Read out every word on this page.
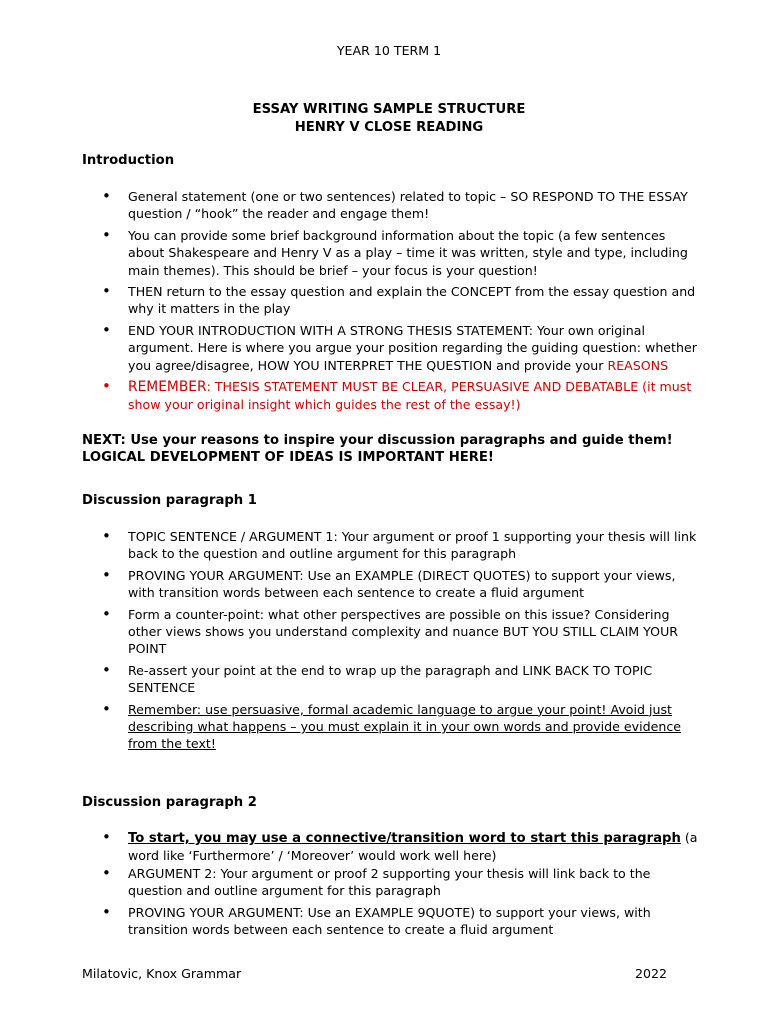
YEAR 10 TERM 1
ESSAY WRITING SAMPLE STRUCTURE
HENRY V CLOSE READING
Introduction
• General statement (one or two sentences) related to topic – SO RESPOND TO THE ESSAY question / “hook” the reader and engage them!
• You can provide some brief background information about the topic (a few sentences about Shakespeare and Henry V as a play – time it was written, style and type, including main themes). This should be brief – your focus is your question!
• THEN return to the essay question and explain the CONCEPT from the essay question and why it matters in the play
• END YOUR INTRODUCTION WITH A STRONG THESIS STATEMENT: Your own original argument. Here is where you argue your position regarding the guiding question: whether you agree/disagree, HOW YOU INTERPRET THE QUESTION and provide your REASONS
• REMEMBER: THESIS STATEMENT MUST BE CLEAR, PERSUASIVE AND DEBATABLE (it must show your original insight which guides the rest of the essay!)
NEXT: Use your reasons to inspire your discussion paragraphs and guide them! LOGICAL DEVELOPMENT OF IDEAS IS IMPORTANT HERE!
Discussion paragraph 1
• TOPIC SENTENCE / ARGUMENT 1: Your argument or proof 1 supporting your thesis will link back to the question and outline argument for this paragraph
• PROVING YOUR ARGUMENT: Use an EXAMPLE (DIRECT QUOTES) to support your views, with transition words between each sentence to create a fluid argument
• Form a counter-point: what other perspectives are possible on this issue? Considering other views shows you understand complexity and nuance BUT YOU STILL CLAIM YOUR POINT
• Re-assert your point at the end to wrap up the paragraph and LINK BACK TO TOPIC SENTENCE
• Remember: use persuasive, formal academic language to argue your point! Avoid just describing what happens – you must explain it in your own words and provide evidence from the text!
Discussion paragraph 2
• To start, you may use a connective/transition word to start this paragraph (a word like ‘Furthermore’ / ‘Moreover’ would work well here)
• ARGUMENT 2: Your argument or proof 2 supporting your thesis will link back to the question and outline argument for this paragraph
• PROVING YOUR ARGUMENT: Use an EXAMPLE 9QUOTE) to support your views, with transition words between each sentence to create a fluid argument
Milatovic, Knox Grammar	2022
